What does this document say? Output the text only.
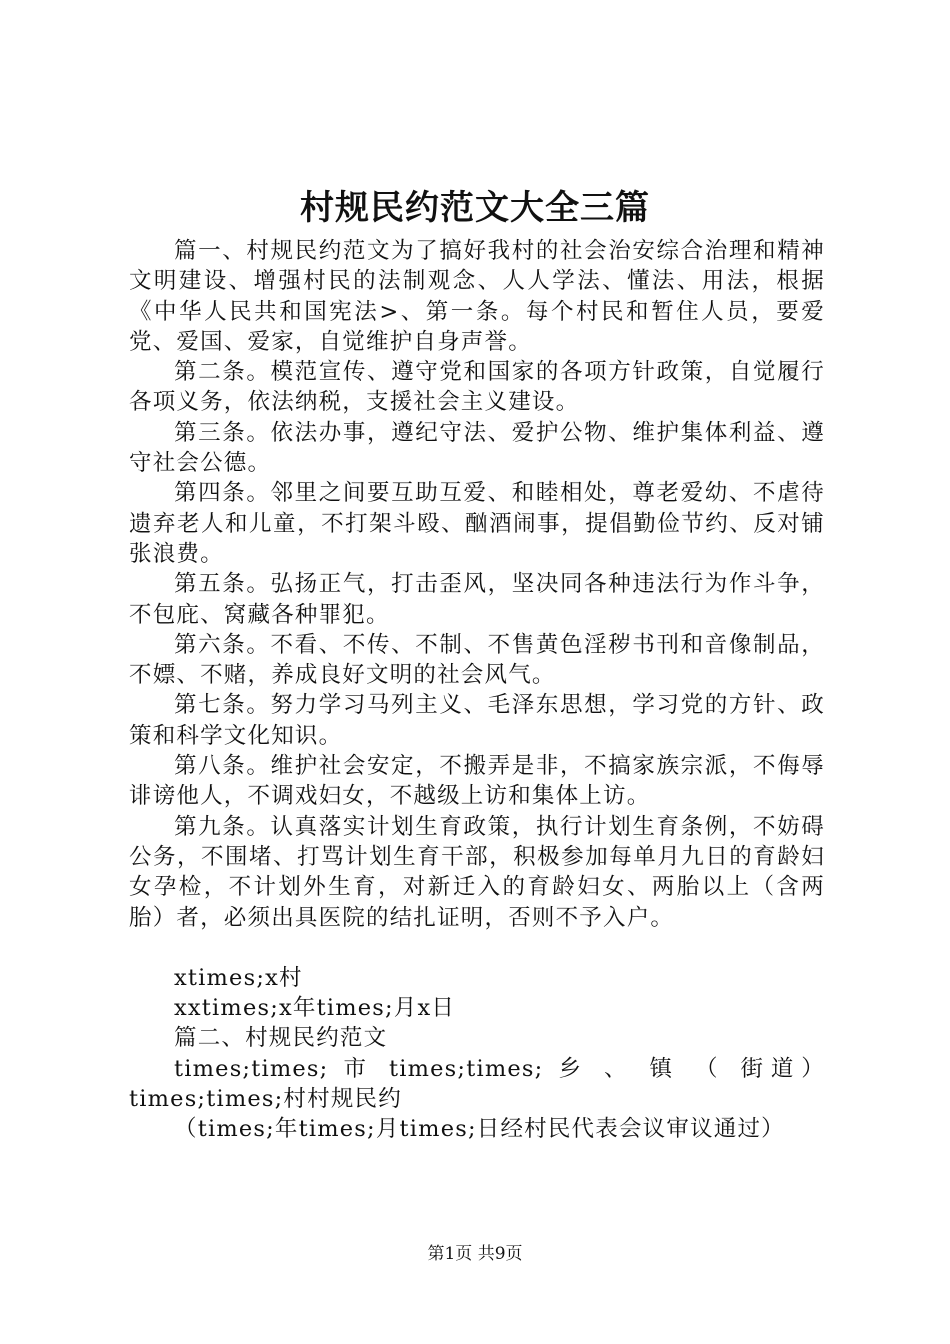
村规民约范文大全三篇

篇一、村规民约范文为了搞好我村的社会治安综合治理和精神文明建设、增强村民的法制观念、人人学法、懂法、用法，根据《中华人民共和国宪法>、第一条。每个村民和暂住人员，要爱党、爱国、爱家，自觉维护自身声誉。

第二条。模范宣传、遵守党和国家的各项方针政策，自觉履行各项义务，依法纳税，支援社会主义建设。

第三条。依法办事，遵纪守法、爱护公物、维护集体利益、遵守社会公德。

第四条。邻里之间要互助互爱、和睦相处，尊老爱幼、不虐待遗弃老人和儿童，不打架斗殴、酗酒闹事，提倡勤俭节约、反对铺张浪费。

第五条。弘扬正气，打击歪风，坚决同各种违法行为作斗争，不包庇、窝藏各种罪犯。

第六条。不看、不传、不制、不售黄色淫秽书刊和音像制品，不嫖、不赌，养成良好文明的社会风气。

第七条。努力学习马列主义、毛泽东思想，学习党的方针、政策和科学文化知识。

第八条。维护社会安定，不搬弄是非，不搞家族宗派，不侮辱诽谤他人，不调戏妇女，不越级上访和集体上访。

第九条。认真落实计划生育政策，执行计划生育条例，不妨碍公务，不围堵、打骂计划生育干部，积极参加每单月九日的育龄妇女孕检，不计划外生育，对新迁入的育龄妇女、两胎以上（含两胎）者，必须出具医院的结扎证明，否则不予入户。

xtimes;x村
xxtimes;x年times;月x日
篇二、村规民约范文

times;times; 市 times;times; 乡 、 镇 （ 街道）times;times;村村规民约

（times;年times;月times;日经村民代表会议审议通过）
第1页 共9页
